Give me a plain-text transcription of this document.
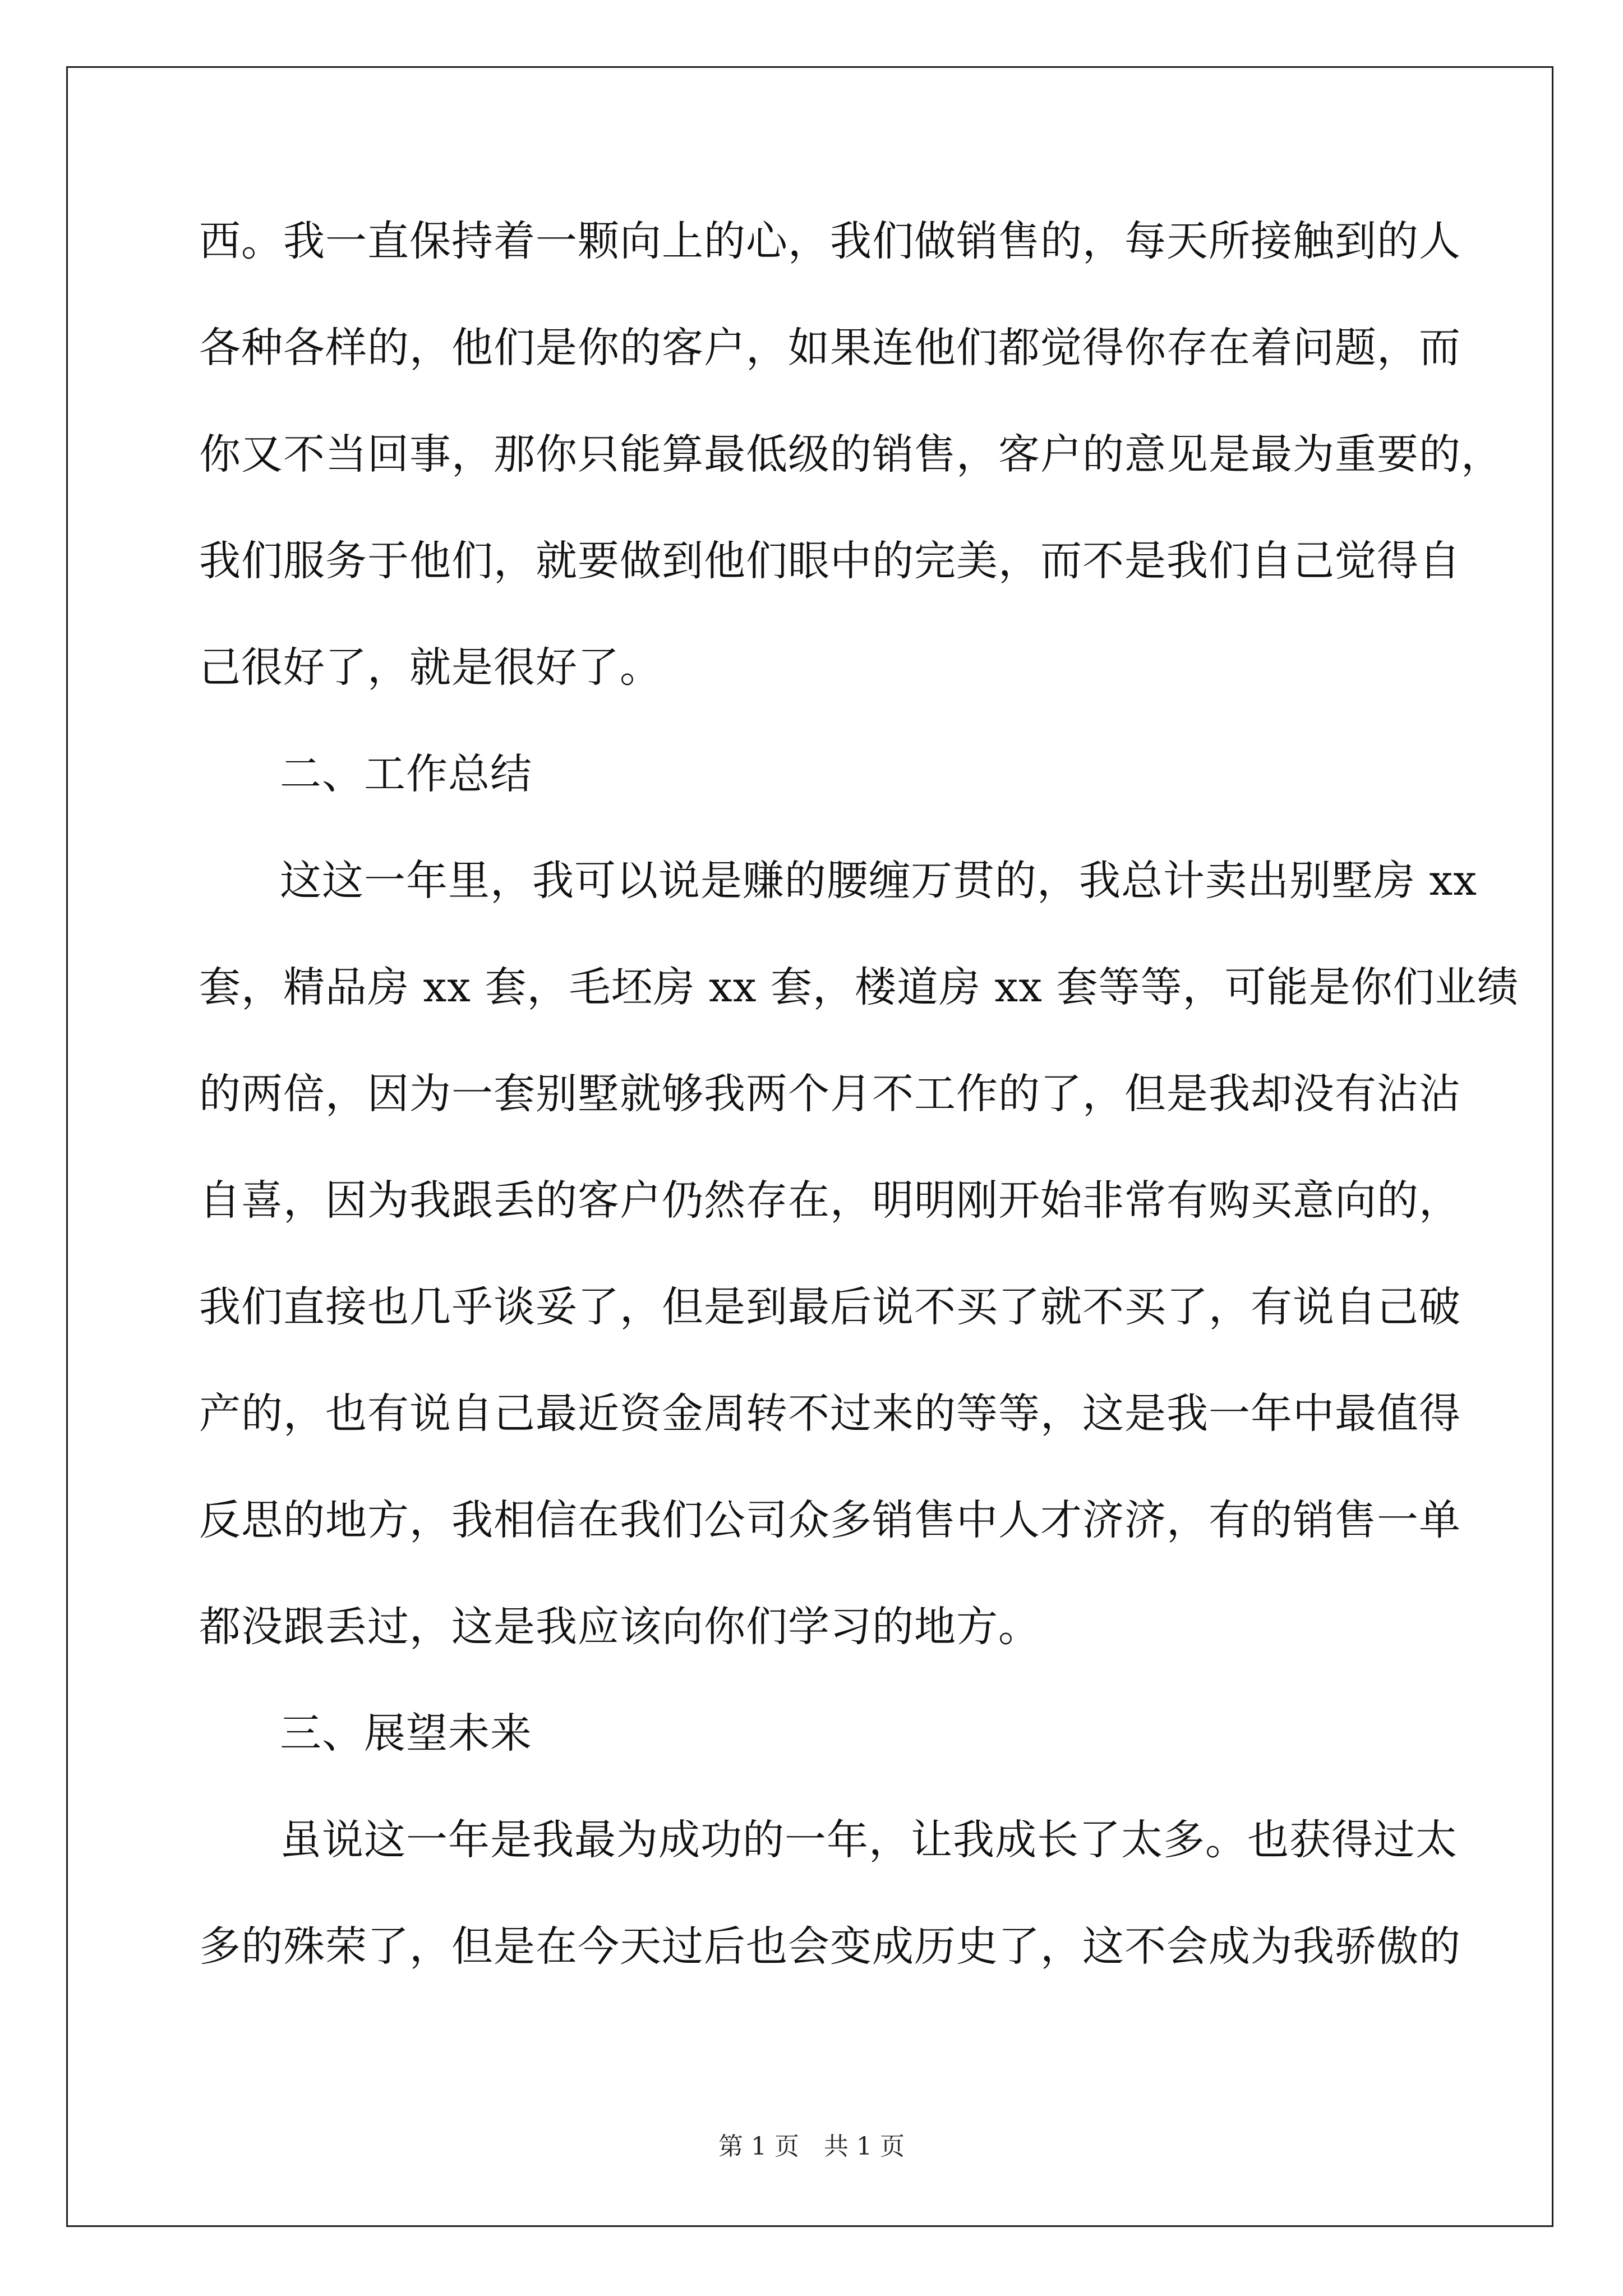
西。我一直保持着一颗向上的心，我们做销售的，每天所接触到的人
各种各样的，他们是你的客户，如果连他们都觉得你存在着问题，而
你又不当回事，那你只能算最低级的销售，客户的意见是最为重要的，
我们服务于他们，就要做到他们眼中的完美，而不是我们自己觉得自
己很好了，就是很好了。
二、工作总结
这这一年里，我可以说是赚的腰缠万贯的，我总计卖出别墅房 xx
套，精品房 xx 套，毛坯房 xx 套，楼道房 xx 套等等，可能是你们业绩
的两倍，因为一套别墅就够我两个月不工作的了，但是我却没有沾沾
自喜，因为我跟丢的客户仍然存在，明明刚开始非常有购买意向的，
我们直接也几乎谈妥了，但是到最后说不买了就不买了，有说自己破
产的，也有说自己最近资金周转不过来的等等，这是我一年中最值得
反思的地方，我相信在我们公司众多销售中人才济济，有的销售一单
都没跟丢过，这是我应该向你们学习的地方。
三、展望未来
虽说这一年是我最为成功的一年，让我成长了太多。也获得过太
多的殊荣了，但是在今天过后也会变成历史了，这不会成为我骄傲的
第 1 页　共 1 页
